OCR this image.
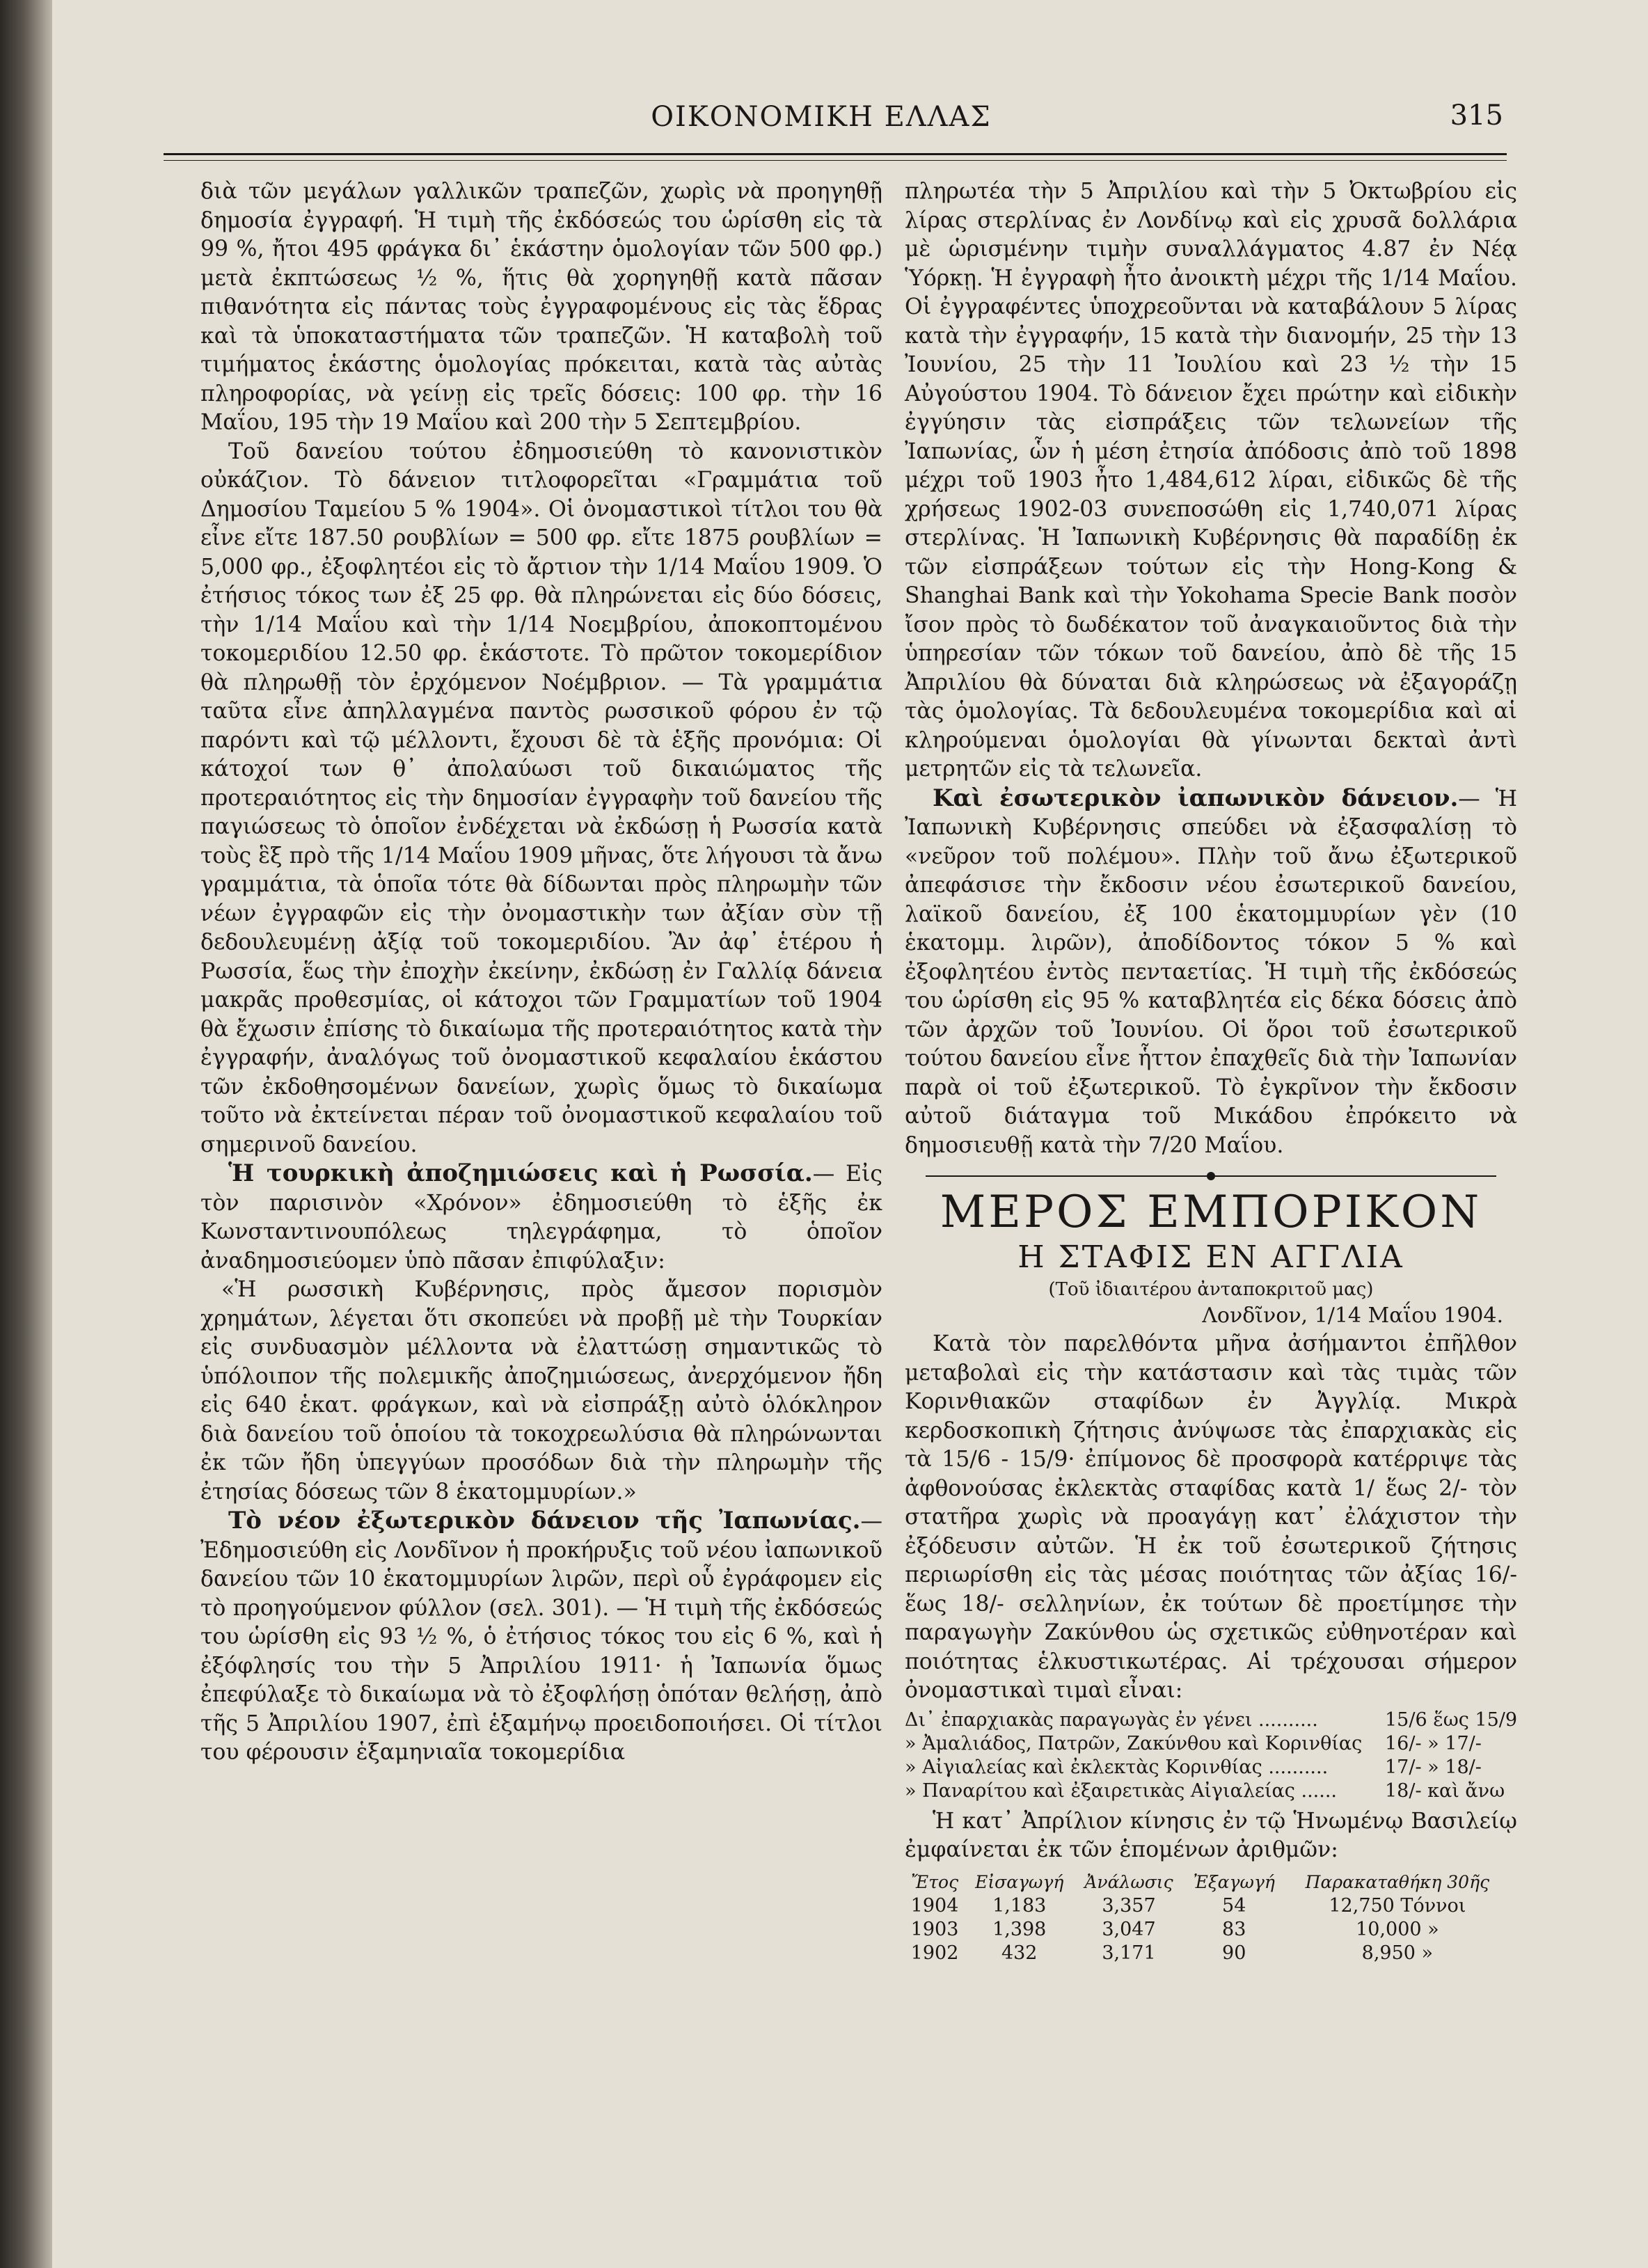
ΟΙΚΟΝΟΜΙΚΗ ΕΛΛΑΣ	315

διὰ τῶν μεγάλων γαλλικῶν τραπεζῶν, χωρὶς νὰ προηγηθῇ δημοσία ἐγγραφή. Ἡ τιμὴ τῆς ἐκδόσεώς του ὡρίσθη εἰς τὰ 99 %, ἤτοι 495 φράγκα δι᾽ ἑκάστην ὁμολογίαν τῶν 500 φρ.) μετὰ ἐκπτώσεως ½ %, ἥτις θὰ χορηγηθῇ κατὰ πᾶσαν πιθανότητα εἰς πάντας τοὺς ἐγγραφομένους εἰς τὰς ἕδρας καὶ τὰ ὑποκαταστήματα τῶν τραπεζῶν. Ἡ καταβολὴ τοῦ τιμήματος ἑκάστης ὁμολογίας πρόκειται, κατὰ τὰς αὐτὰς πληροφορίας, νὰ γείνῃ εἰς τρεῖς δόσεις: 100 φρ. τὴν 16 Μαΐου, 195 τὴν 19 Μαΐου καὶ 200 τὴν 5 Σεπτεμβρίου.

Τοῦ δανείου τούτου ἐδημοσιεύθη τὸ κανονιστικὸν οὐκάζιον. Τὸ δάνειον τιτλοφορεῖται «Γραμμάτια τοῦ Δημοσίου Ταμείου 5 % 1904». Οἱ ὀνομαστικοὶ τίτλοι του θὰ εἶνε εἴτε 187.50 ρουβλίων = 500 φρ. εἴτε 1875 ρουβλίων = 5,000 φρ., ἐξοφλητέοι εἰς τὸ ἄρτιον τὴν 1/14 Μαΐου 1909. Ὁ ἐτήσιος τόκος των ἐξ 25 φρ. θὰ πληρώνεται εἰς δύο δόσεις, τὴν 1/14 Μαΐου καὶ τὴν 1/14 Νοεμβρίου, ἀποκοπτομένου τοκομεριδίου 12.50 φρ. ἑκάστοτε. Τὸ πρῶτον τοκομερίδιον θὰ πληρωθῇ τὸν ἐρχόμενον Νοέμβριον. — Τὰ γραμμάτια ταῦτα εἶνε ἀπηλλαγμένα παντὸς ρωσσικοῦ φόρου ἐν τῷ παρόντι καὶ τῷ μέλλοντι, ἔχουσι δὲ τὰ ἑξῆς προνόμια: Οἱ κάτοχοί των θ᾽ ἀπολαύωσι τοῦ δικαιώματος τῆς προτεραιότητος εἰς τὴν δημοσίαν ἐγγραφὴν τοῦ δανείου τῆς παγιώσεως τὸ ὁποῖον ἐνδέχεται νὰ ἐκδώσῃ ἡ Ρωσσία κατὰ τοὺς ἓξ πρὸ τῆς 1/14 Μαΐου 1909 μῆνας, ὅτε λήγουσι τὰ ἄνω γραμμάτια, τὰ ὁποῖα τότε θὰ δίδωνται πρὸς πληρωμὴν τῶν νέων ἐγγραφῶν εἰς τὴν ὀνομαστικὴν των ἀξίαν σὺν τῇ δεδουλευμένῃ ἀξίᾳ τοῦ τοκομεριδίου. Ἂν ἀφ᾽ ἑτέρου ἡ Ρωσσία, ἕως τὴν ἐποχὴν ἐκείνην, ἐκδώσῃ ἐν Γαλλίᾳ δάνεια μακρᾶς προθεσμίας, οἱ κάτοχοι τῶν Γραμματίων τοῦ 1904 θὰ ἔχωσιν ἐπίσης τὸ δικαίωμα τῆς προτεραιότητος κατὰ τὴν ἐγγραφήν, ἀναλόγως τοῦ ὀνομαστικοῦ κεφαλαίου ἑκάστου τῶν ἐκδοθησομένων δανείων, χωρὶς ὅμως τὸ δικαίωμα τοῦτο νὰ ἐκτείνεται πέραν τοῦ ὀνομαστικοῦ κεφαλαίου τοῦ σημερινοῦ δανείου.

Ἡ τουρκικὴ ἀποζημιώσεις καὶ ἡ Ρωσσία.— Εἰς τὸν παρισινὸν «Χρόνον» ἐδημοσιεύθη τὸ ἑξῆς ἐκ Κωνσταντινουπόλεως τηλεγράφημα, τὸ ὁποῖον ἀναδημοσιεύομεν ὑπὸ πᾶσαν ἐπιφύλαξιν:

«Ἡ ρωσσικὴ Κυβέρνησις, πρὸς ἄμεσον πορισμὸν χρημάτων, λέγεται ὅτι σκοπεύει νὰ προβῇ μὲ τὴν Τουρκίαν εἰς συνδυασμὸν μέλλοντα νὰ ἐλαττώσῃ σημαντικῶς τὸ ὑπόλοιπον τῆς πολεμικῆς ἀποζημιώσεως, ἀνερχόμενον ἤδη εἰς 640 ἑκατ. φράγκων, καὶ νὰ εἰσπράξῃ αὐτὸ ὁλόκληρον διὰ δανείου τοῦ ὁποίου τὰ τοκοχρεωλύσια θὰ πληρώνωνται ἐκ τῶν ἤδη ὑπεγγύων προσόδων διὰ τὴν πληρωμὴν τῆς ἐτησίας δόσεως τῶν 8 ἑκατομμυρίων.»

Τὸ νέον ἐξωτερικὸν δάνειον τῆς Ἰαπωνίας.— Ἐδημοσιεύθη εἰς Λονδῖνον ἡ προκήρυξις τοῦ νέου ἰαπωνικοῦ δανείου τῶν 10 ἑκατομμυρίων λιρῶν, περὶ οὗ ἐγράφομεν εἰς τὸ προηγούμενον φύλλον (σελ. 301). — Ἡ τιμὴ τῆς ἐκδόσεώς του ὡρίσθη εἰς 93 ½ %, ὁ ἐτήσιος τόκος του εἰς 6 %, καὶ ἡ ἐξόφλησίς του τὴν 5 Ἀπριλίου 1911· ἡ Ἰαπωνία ὅμως ἐπεφύλαξε τὸ δικαίωμα νὰ τὸ ἐξοφλήσῃ ὁπόταν θελήσῃ, ἀπὸ τῆς 5 Ἀπριλίου 1907, ἐπὶ ἑξαμήνῳ προειδοποιήσει. Οἱ τίτλοι του φέρουσιν ἑξαμηνιαῖα τοκομερίδια

πληρωτέα τὴν 5 Ἀπριλίου καὶ τὴν 5 Ὀκτωβρίου εἰς λίρας στερλίνας ἐν Λονδίνῳ καὶ εἰς χρυσᾶ δολλάρια μὲ ὡρισμένην τιμὴν συναλλάγματος 4.87 ἐν Νέᾳ Ὑόρκῃ. Ἡ ἐγγραφὴ ἦτο ἀνοικτὴ μέχρι τῆς 1/14 Μαΐου. Οἱ ἐγγραφέντες ὑποχρεοῦνται νὰ καταβάλουν 5 λίρας κατὰ τὴν ἐγγραφήν, 15 κατὰ τὴν διανομήν, 25 τὴν 13 Ἰουνίου, 25 τὴν 11 Ἰουλίου καὶ 23 ½ τὴν 15 Αὐγούστου 1904. Τὸ δάνειον ἔχει πρώτην καὶ εἰδικὴν ἐγγύησιν τὰς εἰσπράξεις τῶν τελωνείων τῆς Ἰαπωνίας, ὧν ἡ μέση ἐτησία ἀπόδοσις ἀπὸ τοῦ 1898 μέχρι τοῦ 1903 ἦτο 1,484,612 λίραι, εἰδικῶς δὲ τῆς χρήσεως 1902-03 συνεποσώθη εἰς 1,740,071 λίρας στερλίνας. Ἡ Ἰαπωνικὴ Κυβέρνησις θὰ παραδίδῃ ἐκ τῶν εἰσπράξεων τούτων εἰς τὴν Hong-Kong & Shanghai Bank καὶ τὴν Yokohama Specie Bank ποσὸν ἴσον πρὸς τὸ δωδέκατον τοῦ ἀναγκαιοῦντος διὰ τὴν ὑπηρεσίαν τῶν τόκων τοῦ δανείου, ἀπὸ δὲ τῆς 15 Ἀπριλίου θὰ δύναται διὰ κληρώσεως νὰ ἐξαγοράζῃ τὰς ὁμολογίας. Τὰ δεδουλευμένα τοκομερίδια καὶ αἱ κληρούμεναι ὁμολογίαι θὰ γίνωνται δεκταὶ ἀντὶ μετρητῶν εἰς τὰ τελωνεῖα.

Καὶ ἐσωτερικὸν ἰαπωνικὸν δάνειον.— Ἡ Ἰαπωνικὴ Κυβέρνησις σπεύδει νὰ ἐξασφαλίσῃ τὸ «νεῦρον τοῦ πολέμου». Πλὴν τοῦ ἄνω ἐξωτερικοῦ ἀπεφάσισε τὴν ἔκδοσιν νέου ἐσωτερικοῦ δανείου, λαϊκοῦ δανείου, ἐξ 100 ἑκατομμυρίων γὲν (10 ἑκατομμ. λιρῶν), ἀποδίδοντος τόκον 5 % καὶ ἐξοφλητέου ἐντὸς πενταετίας. Ἡ τιμὴ τῆς ἐκδόσεώς του ὡρίσθη εἰς 95 % καταβλητέα εἰς δέκα δόσεις ἀπὸ τῶν ἀρχῶν τοῦ Ἰουνίου. Οἱ ὅροι τοῦ ἐσωτερικοῦ τούτου δανείου εἶνε ἧττον ἐπαχθεῖς διὰ τὴν Ἰαπωνίαν παρὰ οἱ τοῦ ἐξωτερικοῦ. Τὸ ἐγκρῖνον τὴν ἔκδοσιν αὐτοῦ διάταγμα τοῦ Μικάδου ἐπρόκειτο νὰ δημοσιευθῇ κατὰ τὴν 7/20 Μαΐου.

ΜΕΡΟΣ ΕΜΠΟΡΙΚΟΝ
Η ΣΤΑΦΙΣ ΕΝ ΑΓΓΛΙΑ
(Τοῦ ἰδιαιτέρου ἀνταποκριτοῦ μας)
Λονδῖνον, 1/14 Μαΐου 1904.

Κατὰ τὸν παρελθόντα μῆνα ἀσήμαντοι ἐπῆλθον μεταβολαὶ εἰς τὴν κατάστασιν καὶ τὰς τιμὰς τῶν Κορινθιακῶν σταφίδων ἐν Ἀγγλίᾳ. Μικρὰ κερδοσκοπικὴ ζήτησις ἀνύψωσε τὰς ἐπαρχιακὰς εἰς τὰ 15/6 - 15/9· ἐπίμονος δὲ προσφορὰ κατέρριψε τὰς ἀφθονούσας ἐκλεκτὰς σταφίδας κατὰ 1/ ἕως 2/- τὸν στατῆρα χωρὶς νὰ προαγάγῃ κατ᾽ ἐλάχιστον τὴν ἐξόδευσιν αὐτῶν. Ἡ ἐκ τοῦ ἐσωτερικοῦ ζήτησις περιωρίσθη εἰς τὰς μέσας ποιότητας τῶν ἀξίας 16/- ἕως 18/- σελληνίων, ἐκ τούτων δὲ προετίμησε τὴν παραγωγὴν Ζακύνθου ὡς σχετικῶς εὐθηνοτέραν καὶ ποιότητας ἑλκυστικωτέρας. Αἱ τρέχουσαι σήμερον ὀνομαστικαὶ τιμαὶ εἶναι:

Δι᾽ ἐπαρχιακὰς παραγωγὰς ἐν γένει ..........	15/6 ἕως 15/9
» Ἀμαλιάδος, Πατρῶν, Ζακύνθου καὶ Κορινθίας	16/- » 17/-
» Αἰγιαλείας καὶ ἐκλεκτὰς Κορινθίας ..........	17/- » 18/-
» Παναρίτου καὶ ἐξαιρετικὰς Αἰγιαλείας ......	18/- καὶ ἄνω

Ἡ κατ᾽ Ἀπρίλιον κίνησις ἐν τῷ Ἡνωμένῳ Βασιλείῳ ἐμφαίνεται ἐκ τῶν ἑπομένων ἀριθμῶν:

Ἔτος	Εἰσαγωγή	Ἀνάλωσις	Ἐξαγωγή	Παρακαταθήκη 30ῆς
1904	1,183	3,357	54	12,750 Τόννοι
1903	1,398	3,047	83	10,000 »
1902	432	3,171	90	8,950 »
